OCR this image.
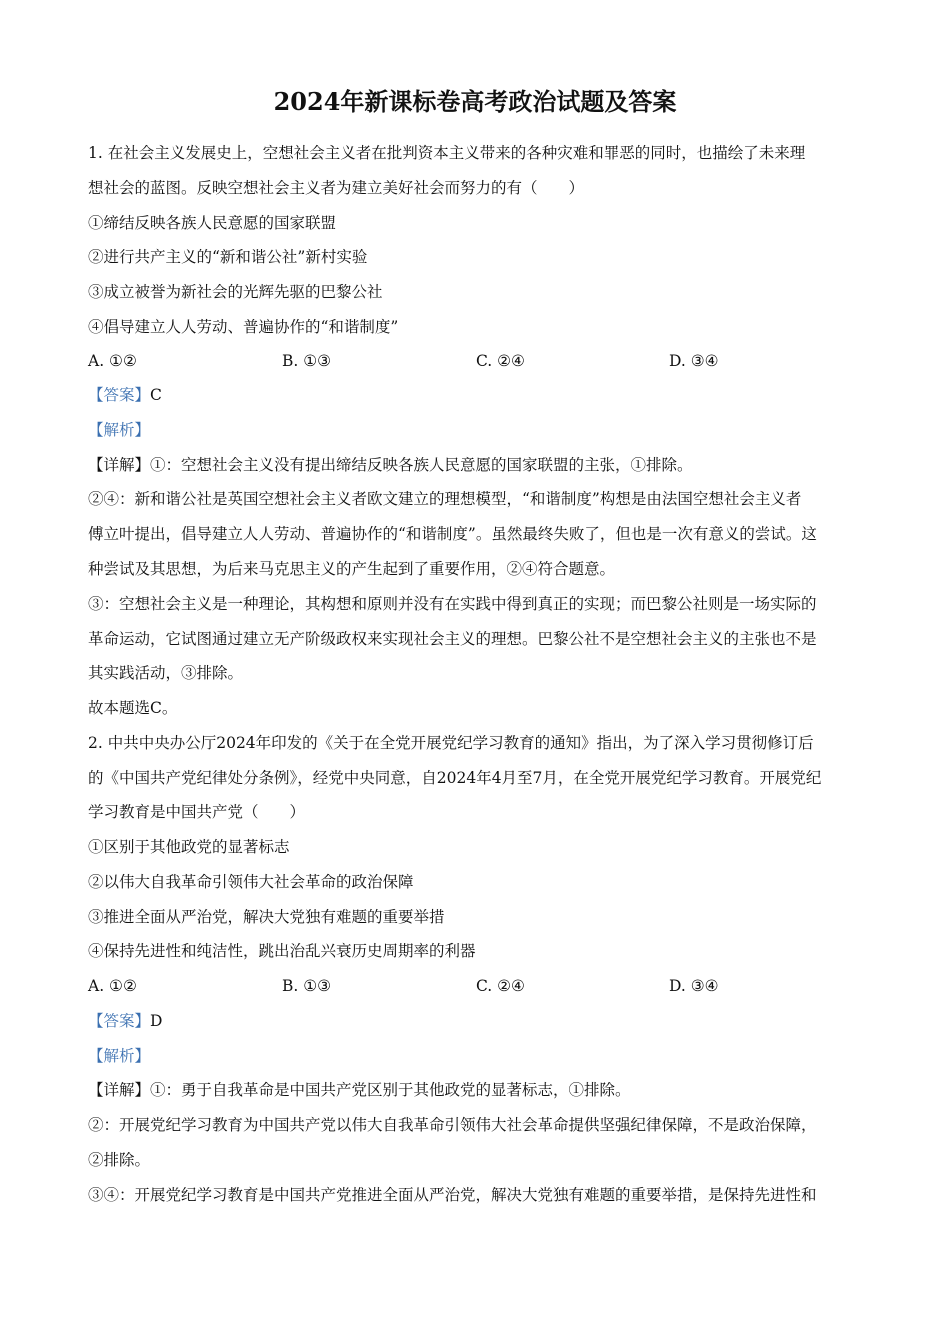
2024年新课标卷高考政治试题及答案
1. 在社会主义发展史上，空想社会主义者在批判资本主义带来的各种灾难和罪恶的同时，也描绘了未来理
想社会的蓝图。反映空想社会主义者为建立美好社会而努力的有（　　）
①缔结反映各族人民意愿的国家联盟
②进行共产主义的“新和谐公社”新村实验
③成立被誉为新社会的光辉先驱的巴黎公社
④倡导建立人人劳动、普遍协作的“和谐制度”
A. ①②	B. ①③	C. ②④	D. ③④
【答案】C
【解析】
【详解】①：空想社会主义没有提出缔结反映各族人民意愿的国家联盟的主张，①排除。
②④：新和谐公社是英国空想社会主义者欧文建立的理想模型，“和谐制度”构想是由法国空想社会主义者
傅立叶提出，倡导建立人人劳动、普遍协作的“和谐制度”。虽然最终失败了，但也是一次有意义的尝试。这
种尝试及其思想，为后来马克思主义的产生起到了重要作用，②④符合题意。
③：空想社会主义是一种理论，其构想和原则并没有在实践中得到真正的实现；而巴黎公社则是一场实际的
革命运动，它试图通过建立无产阶级政权来实现社会主义的理想。巴黎公社不是空想社会主义的主张也不是
其实践活动，③排除。
故本题选C。
2. 中共中央办公厅2024年印发的《关于在全党开展党纪学习教育的通知》指出，为了深入学习贯彻修订后
的《中国共产党纪律处分条例》，经党中央同意，自2024年4月至7月，在全党开展党纪学习教育。开展党纪
学习教育是中国共产党（　　）
①区别于其他政党的显著标志
②以伟大自我革命引领伟大社会革命的政治保障
③推进全面从严治党，解决大党独有难题的重要举措
④保持先进性和纯洁性，跳出治乱兴衰历史周期率的利器
A. ①②	B. ①③	C. ②④	D. ③④
【答案】D
【解析】
【详解】①：勇于自我革命是中国共产党区别于其他政党的显著标志，①排除。
②：开展党纪学习教育为中国共产党以伟大自我革命引领伟大社会革命提供坚强纪律保障，不是政治保障，
②排除。
③④：开展党纪学习教育是中国共产党推进全面从严治党，解决大党独有难题的重要举措，是保持先进性和
